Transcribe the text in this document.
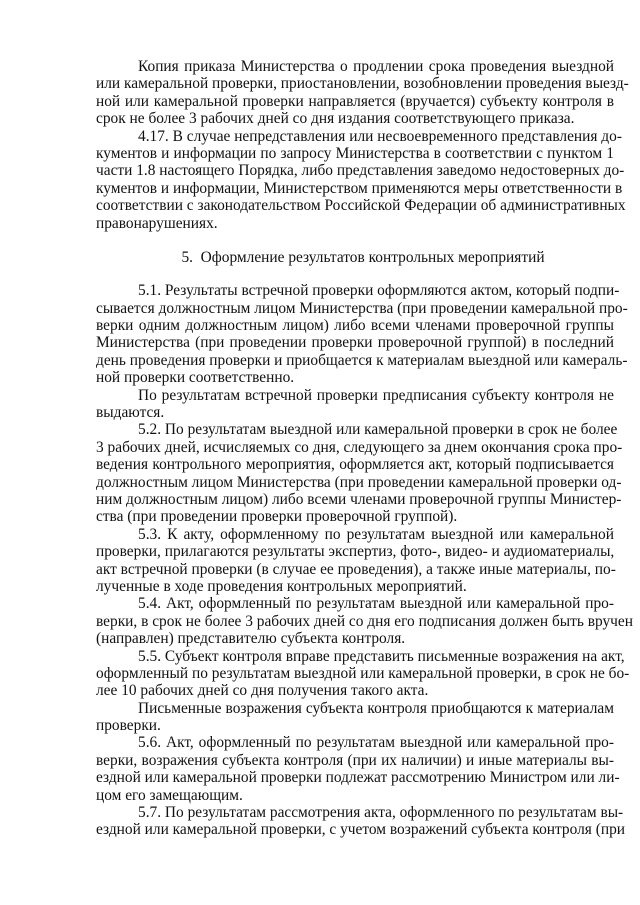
Копия приказа Министерства о продлении срока проведения выездной
или камеральной проверки, приостановлении, возобновлении проведения выезд-
ной или камеральной проверки направляется (вручается) субъекту контроля в
срок не более 3 рабочих дней со дня издания соответствующего приказа.
4.17. В случае непредставления или несвоевременного представления до-
кументов и информации по запросу Министерства в соответствии с пунктом 1
части 1.8 настоящего Порядка, либо представления заведомо недостоверных до-
кументов и информации, Министерством применяются меры ответственности в
соответствии с законодательством Российской Федерации об административных
правонарушениях.
5.  Оформление результатов контрольных мероприятий
5.1. Результаты встречной проверки оформляются актом, который подпи-
сывается должностным лицом Министерства (при проведении камеральной про-
верки одним должностным лицом) либо всеми членами проверочной группы
Министерства (при проведении проверки проверочной группой) в последний
день проведения проверки и приобщается к материалам выездной или камераль-
ной проверки соответственно.
По результатам встречной проверки предписания субъекту контроля не
выдаются.
5.2. По результатам выездной или камеральной проверки в срок не более
3 рабочих дней, исчисляемых со дня, следующего за днем окончания срока про-
ведения контрольного мероприятия, оформляется акт, который подписывается
должностным лицом Министерства (при проведении камеральной проверки од-
ним должностным лицом) либо всеми членами проверочной группы Министер-
ства (при проведении проверки проверочной группой).
5.3. К акту, оформленному по результатам выездной или камеральной
проверки, прилагаются результаты экспертиз, фото-, видео- и аудиоматериалы,
акт встречной проверки (в случае ее проведения), а также иные материалы, по-
лученные в ходе проведения контрольных мероприятий.
5.4. Акт, оформленный по результатам выездной или камеральной про-
верки, в срок не более 3 рабочих дней со дня его подписания должен быть вручен
(направлен) представителю субъекта контроля.
5.5. Субъект контроля вправе представить письменные возражения на акт,
оформленный по результатам выездной или камеральной проверки, в срок не бо-
лее 10 рабочих дней со дня получения такого акта.
Письменные возражения субъекта контроля приобщаются к материалам
проверки.
5.6. Акт, оформленный по результатам выездной или камеральной про-
верки, возражения субъекта контроля (при их наличии) и иные материалы вы-
ездной или камеральной проверки подлежат рассмотрению Министром или ли-
цом его замещающим.
5.7. По результатам рассмотрения акта, оформленного по результатам вы-
ездной или камеральной проверки, с учетом возражений субъекта контроля (при
